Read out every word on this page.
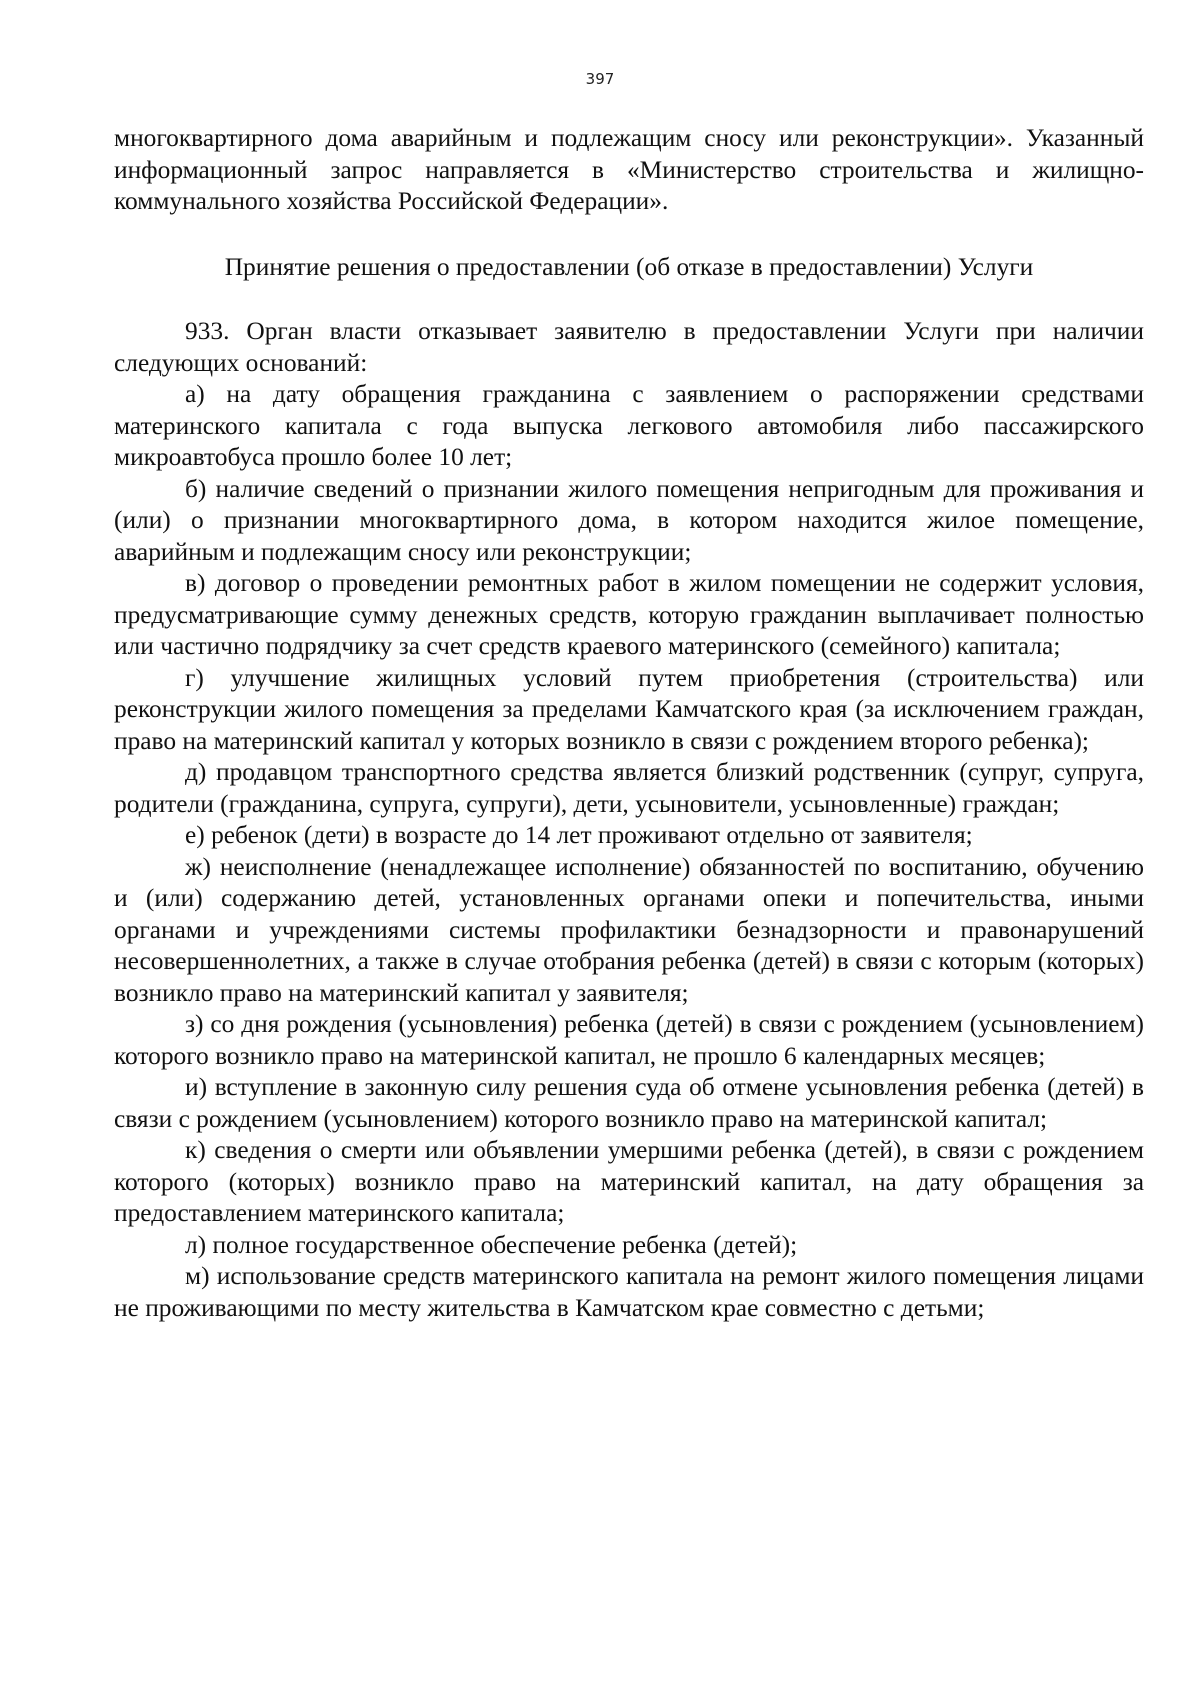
397

многоквартирного дома аварийным и подлежащим сносу или реконструкции». Указанный информационный запрос направляется в «Министерство строительства и жилищно-коммунального хозяйства Российской Федерации».

Принятие решения о предоставлении (об отказе в предоставлении) Услуги

933. Орган власти отказывает заявителю в предоставлении Услуги при наличии следующих оснований:

а) на дату обращения гражданина с заявлением о распоряжении средствами материнского капитала с года выпуска легкового автомобиля либо пассажирского микроавтобуса прошло более 10 лет;

б) наличие сведений о признании жилого помещения непригодным для проживания и (или) о признании многоквартирного дома, в котором находится жилое помещение, аварийным и подлежащим сносу или реконструкции;

в) договор о проведении ремонтных работ в жилом помещении не содержит условия, предусматривающие сумму денежных средств, которую гражданин выплачивает полностью или частично подрядчику за счет средств краевого материнского (семейного) капитала;

г) улучшение жилищных условий путем приобретения (строительства) или реконструкции жилого помещения за пределами Камчатского края (за исключением граждан, право на материнский капитал у которых возникло в связи с рождением второго ребенка);

д) продавцом транспортного средства является близкий родственник (супруг, супруга, родители (гражданина, супруга, супруги), дети, усыновители, усыновленные) граждан;

е) ребенок (дети) в возрасте до 14 лет проживают отдельно от заявителя;

ж) неисполнение (ненадлежащее исполнение) обязанностей по воспитанию, обучению и (или) содержанию детей, установленных органами опеки и попечительства, иными органами и учреждениями системы профилактики безнадзорности и правонарушений несовершеннолетних, а также в случае отобрания ребенка (детей) в связи с которым (которых) возникло право на материнский капитал у заявителя;

з) со дня рождения (усыновления) ребенка (детей) в связи с рождением (усыновлением) которого возникло право на материнской капитал, не прошло 6 календарных месяцев;

и) вступление в законную силу решения суда об отмене усыновления ребенка (детей) в связи с рождением (усыновлением) которого возникло право на материнской капитал;

к) сведения о смерти или объявлении умершими ребенка (детей), в связи с рождением которого (которых) возникло право на материнский капитал, на дату обращения за предоставлением материнского капитала;

л) полное государственное обеспечение ребенка (детей);

м) использование средств материнского капитала на ремонт жилого помещения лицами не проживающими по месту жительства в Камчатском крае совместно с детьми;
